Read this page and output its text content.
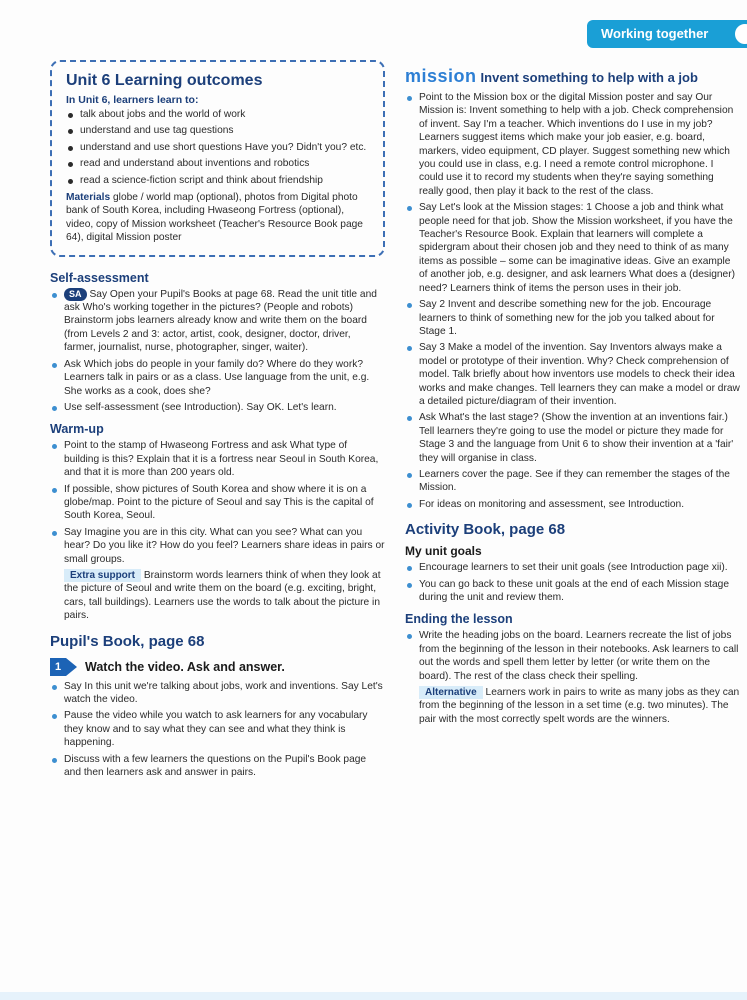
Working together
Unit 6 Learning outcomes
In Unit 6, learners learn to:
talk about jobs and the world of work
understand and use tag questions
understand and use short questions Have you? Didn't you? etc.
read and understand about inventions and robotics
read a science-fiction script and think about friendship
Materials globe / world map (optional), photos from Digital photo bank of South Korea, including Hwaseong Fortress (optional), video, copy of Mission worksheet (Teacher's Resource Book page 64), digital Mission poster
Self-assessment
SA Say Open your Pupil's Books at page 68. Read the unit title and ask Who's working together in the pictures? (People and robots) Brainstorm jobs learners already know and write them on the board (from Levels 2 and 3: actor, artist, cook, designer, doctor, driver, farmer, journalist, nurse, photographer, singer, waiter).
Ask Which jobs do people in your family do? Where do they work? Learners talk in pairs or as a class. Use language from the unit, e.g. She works as a cook, does she?
Use self-assessment (see Introduction). Say OK. Let's learn.
Warm-up
Point to the stamp of Hwaseong Fortress and ask What type of building is this? Explain that it is a fortress near Seoul in South Korea, and that it is more than 200 years old.
If possible, show pictures of South Korea and show where it is on a globe/map. Point to the picture of Seoul and say This is the capital of South Korea, Seoul.
Say Imagine you are in this city. What can you see? What can you hear? Do you like it? How do you feel? Learners share ideas in pairs or small groups.
Extra support Brainstorm words learners think of when they look at the picture of Seoul and write them on the board (e.g. exciting, bright, cars, tall buildings). Learners use the words to talk about the picture in pairs.
Pupil's Book, page 68
1	Watch the video. Ask and answer.
Say In this unit we're talking about jobs, work and inventions. Say Let's watch the video.
Pause the video while you watch to ask learners for any vocabulary they know and to say what they can see and what they think is happening.
Discuss with a few learners the questions on the Pupil's Book page and then learners ask and answer in pairs.
mission Invent something to help with a job
Point to the Mission box or the digital Mission poster and say Our Mission is: Invent something to help with a job. Check comprehension of invent. Say I'm a teacher. Which inventions do I use in my job? Learners suggest items which make your job easier, e.g. board, markers, video equipment, CD player. Suggest something new which you could use in class, e.g. I need a remote control microphone. I could use it to record my students when they're saying something really good, then play it back to the rest of the class.
Say Let's look at the Mission stages: 1 Choose a job and think what people need for that job. Show the Mission worksheet, if you have the Teacher's Resource Book. Explain that learners will complete a spidergram about their chosen job and they need to think of as many items as possible – some can be imaginative ideas. Give an example of another job, e.g. designer, and ask learners What does a (designer) need? Learners think of items the person uses in their job.
Say 2 Invent and describe something new for the job. Encourage learners to think of something new for the job you talked about for Stage 1.
Say 3 Make a model of the invention. Say Inventors always make a model or prototype of their invention. Why? Check comprehension of model. Talk briefly about how inventors use models to check their idea works and make changes. Tell learners they can make a model or draw a detailed picture/diagram of their invention.
Ask What's the last stage? (Show the invention at an inventions fair.) Tell learners they're going to use the model or picture they made for Stage 3 and the language from Unit 6 to show their invention at a 'fair' they will organise in class.
Learners cover the page. See if they can remember the stages of the Mission.
For ideas on monitoring and assessment, see Introduction.
Activity Book, page 68
My unit goals
Encourage learners to set their unit goals (see Introduction page xii).
You can go back to these unit goals at the end of each Mission stage during the unit and review them.
Ending the lesson
Write the heading jobs on the board. Learners recreate the list of jobs from the beginning of the lesson in their notebooks. Ask learners to call out the words and spell them letter by letter (or write them on the board). The rest of the class check their spelling.
Alternative Learners work in pairs to write as many jobs as they can from the beginning of the lesson in a set time (e.g. two minutes). The pair with the most correctly spelt words are the winners.
